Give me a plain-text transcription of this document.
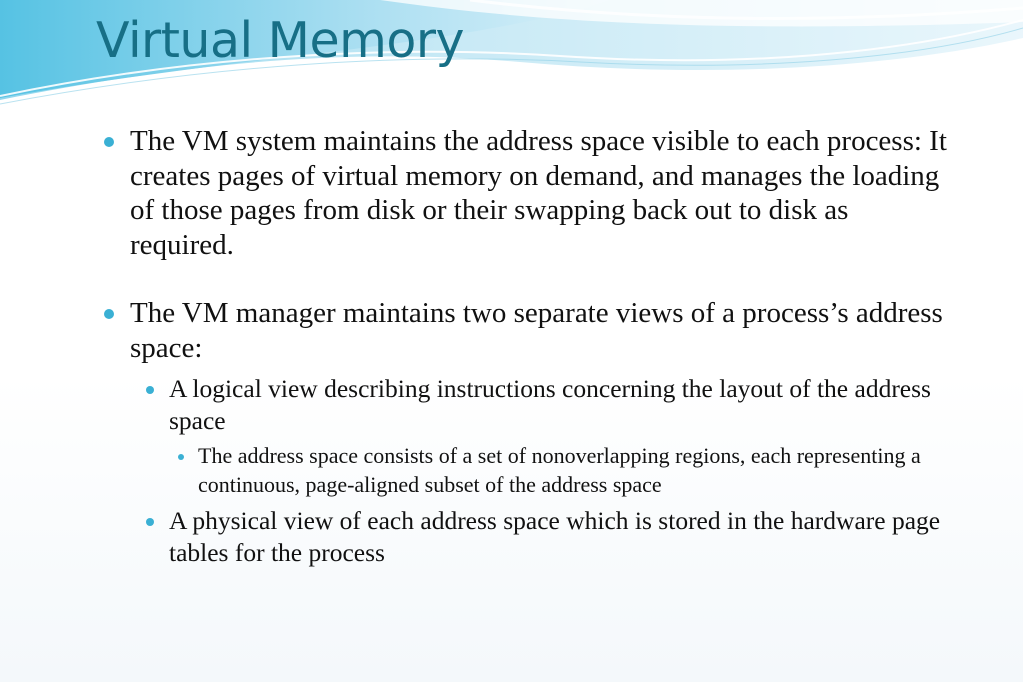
Virtual Memory
The VM system maintains the address space visible to each process: It creates pages of virtual memory on demand, and manages the loading of those pages from disk or their swapping back out to disk as required.
The VM manager maintains two separate views of a process’s address space:
A logical view describing instructions concerning the layout of the address space
The address space consists of a set of nonoverlapping regions, each representing a continuous, page-aligned subset of the address space
A physical view of each address space which is stored in the hardware page tables for the process
